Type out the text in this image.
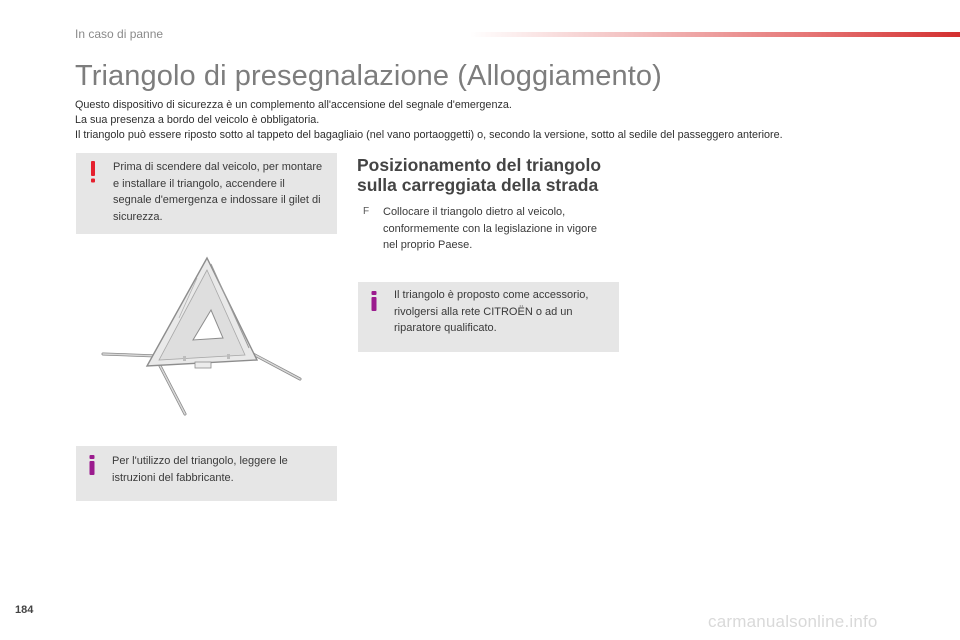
In caso di panne
Triangolo di presegnalazione (Alloggiamento)

Questo dispositivo di sicurezza è un complemento all'accensione del segnale d'emergenza.

La sua presenza a bordo del veicolo è obbligatoria.

Il triangolo può essere riposto sotto al tappeto del bagagliaio (nel vano portaoggetti) o, secondo la versione, sotto al sedile del passeggero anteriore.

Prima di scendere dal veicolo, per montare e installare il triangolo, accendere il segnale d'emergenza e indossare il gilet di sicurezza.
Per l'utilizzo del triangolo, leggere le istruzioni del fabbricante.
Posizionamento del triangolo sulla carreggiata della strada
F Collocare il triangolo dietro al veicolo, conformemente con la legislazione in vigore nel proprio Paese.
Il triangolo è proposto come accessorio, rivolgersi alla rete CITROËN o ad un riparatore qualificato.
184
carmanualsonline.info
